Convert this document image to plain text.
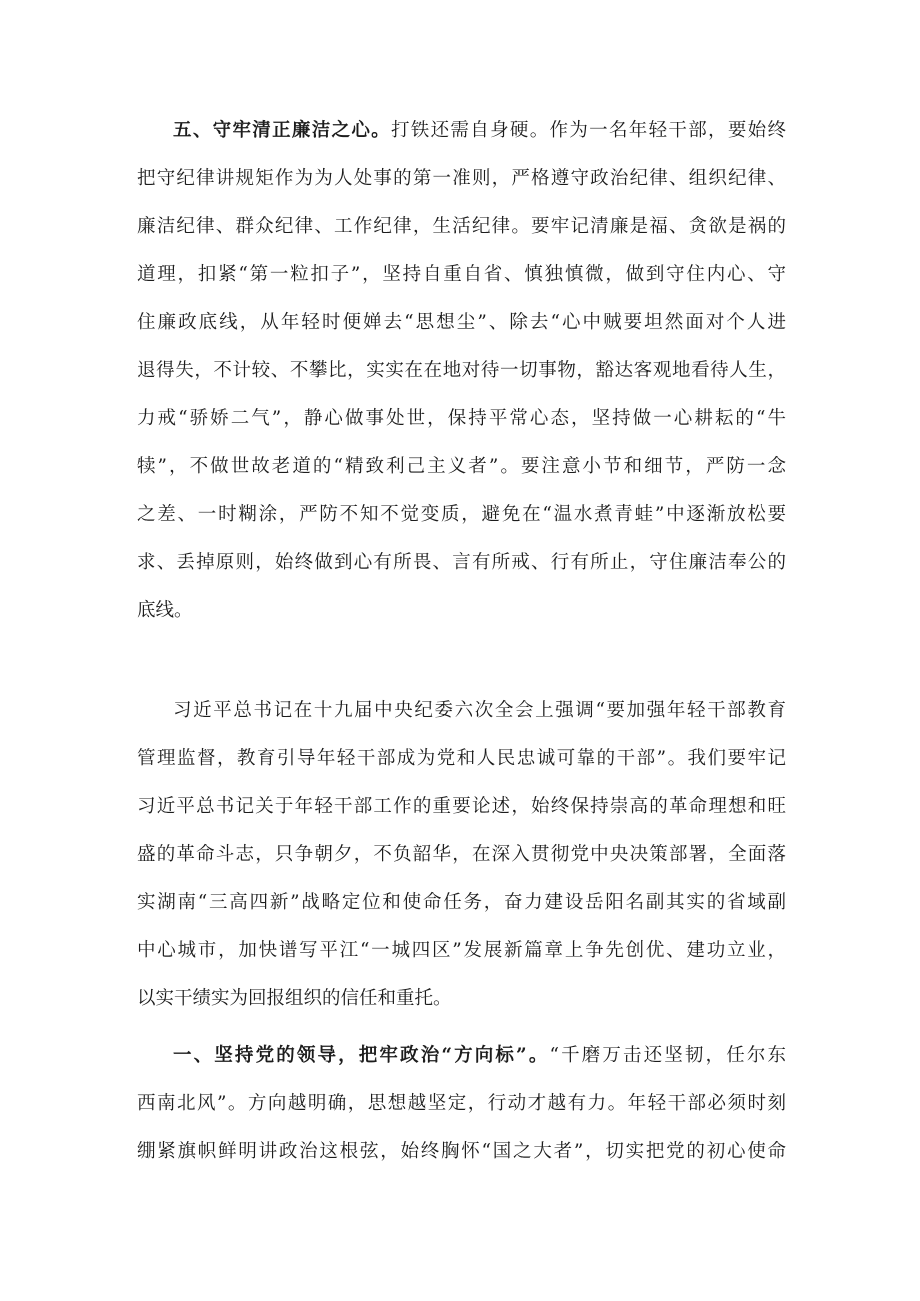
五、守牢清正廉洁之心。打铁还需自身硬。作为一名年轻干部，要始终
把守纪律讲规矩作为为人处事的第一准则，严格遵守政治纪律、组织纪律、
廉洁纪律、群众纪律、工作纪律，生活纪律。要牢记清廉是福、贪欲是祸的
道理，扣紧“第一粒扣子”，坚持自重自省、慎独慎微，做到守住内心、守
住廉政底线，从年轻时便婵去“思想尘”、除去“心中贼要坦然面对个人进
退得失，不计较、不攀比，实实在在地对待一切事物，豁达客观地看待人生，
力戒“骄娇二气”，静心做事处世，保持平常心态，坚持做一心耕耘的“牛
犊”，不做世故老道的“精致利己主义者”。要注意小节和细节，严防一念
之差、一时糊涂，严防不知不觉变质，避免在“温水煮青蛙”中逐渐放松要
求、丢掉原则，始终做到心有所畏、言有所戒、行有所止，守住廉洁奉公的
底线。
习近平总书记在十九届中央纪委六次全会上强调“要加强年轻干部教育
管理监督，教育引导年轻干部成为党和人民忠诚可靠的干部”。我们要牢记
习近平总书记关于年轻干部工作的重要论述，始终保持崇高的革命理想和旺
盛的革命斗志，只争朝夕，不负韶华，在深入贯彻党中央决策部署，全面落
实湖南“三高四新”战略定位和使命任务，奋力建设岳阳名副其实的省域副
中心城市，加快谱写平江“一城四区”发展新篇章上争先创优、建功立业，
以实干绩实为回报组织的信任和重托。
一、坚持党的领导，把牢政治“方向标”。“千磨万击还坚韧，任尔东
西南北风”。方向越明确，思想越坚定，行动才越有力。年轻干部必须时刻
绷紧旗帜鲜明讲政治这根弦，始终胸怀“国之大者”，切实把党的初心使命
